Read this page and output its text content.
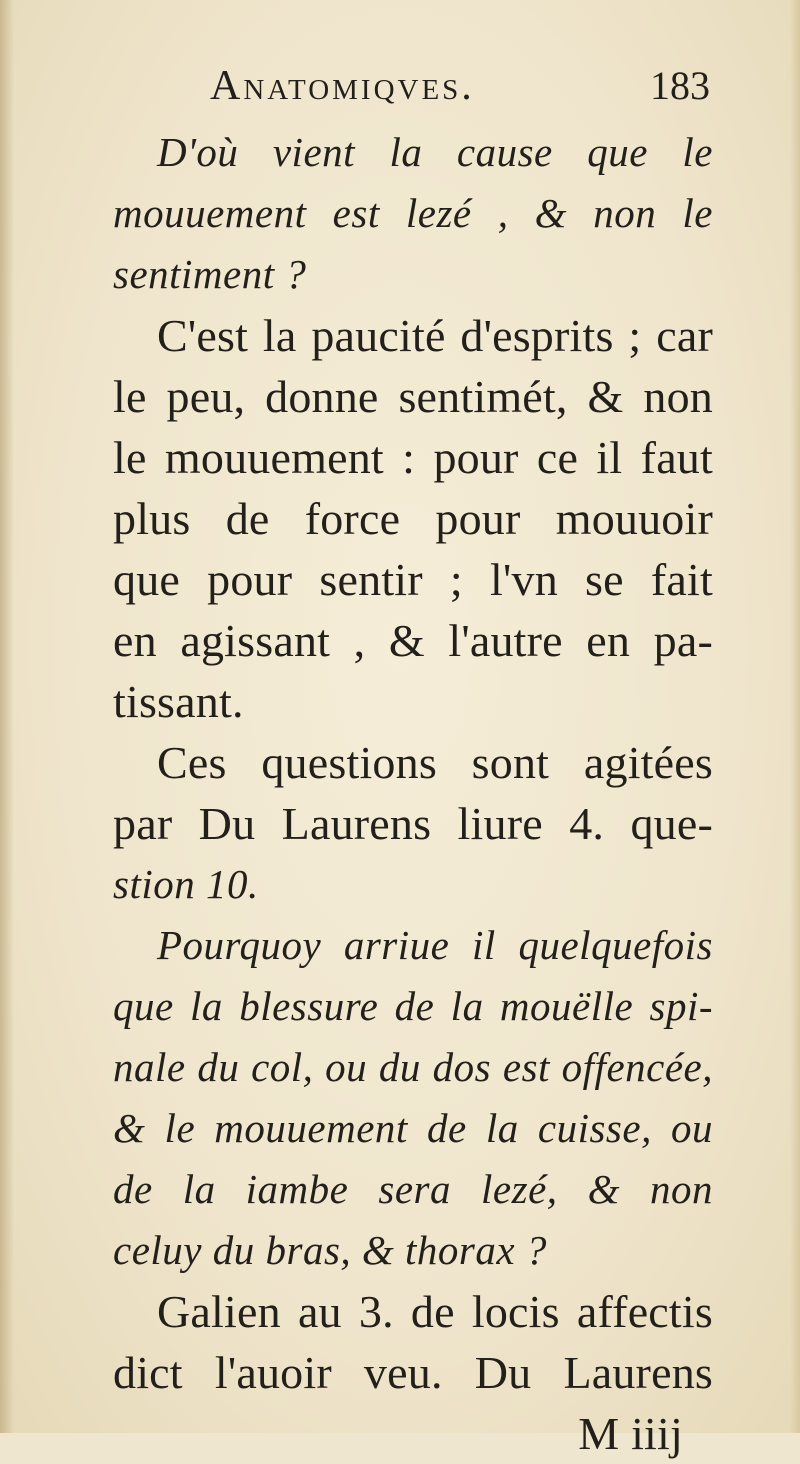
Anatomiqves.	183
D'où vient la cause que le
mouuement est lezé , & non le
sentiment ?
C'est la paucité d'esprits ; car
le peu, donne sentimét, & non
le mouuement : pour ce il faut
plus de force pour mouuoir
que pour sentir ; l'vn se fait
en agissant , & l'autre en pa-
tissant.
Ces questions sont agitées
par Du Laurens liure 4. que-
stion 10.
Pourquoy arriue il quelquefois
que la blessure de la mouëlle spi-
nale du col, ou du dos est offencée,
& le mouuement de la cuisse, ou
de la iambe sera lezé, & non
celuy du bras, & thorax ?
Galien au 3. de locis affectis
dict l'auoir veu. Du Laurens
M iiij
